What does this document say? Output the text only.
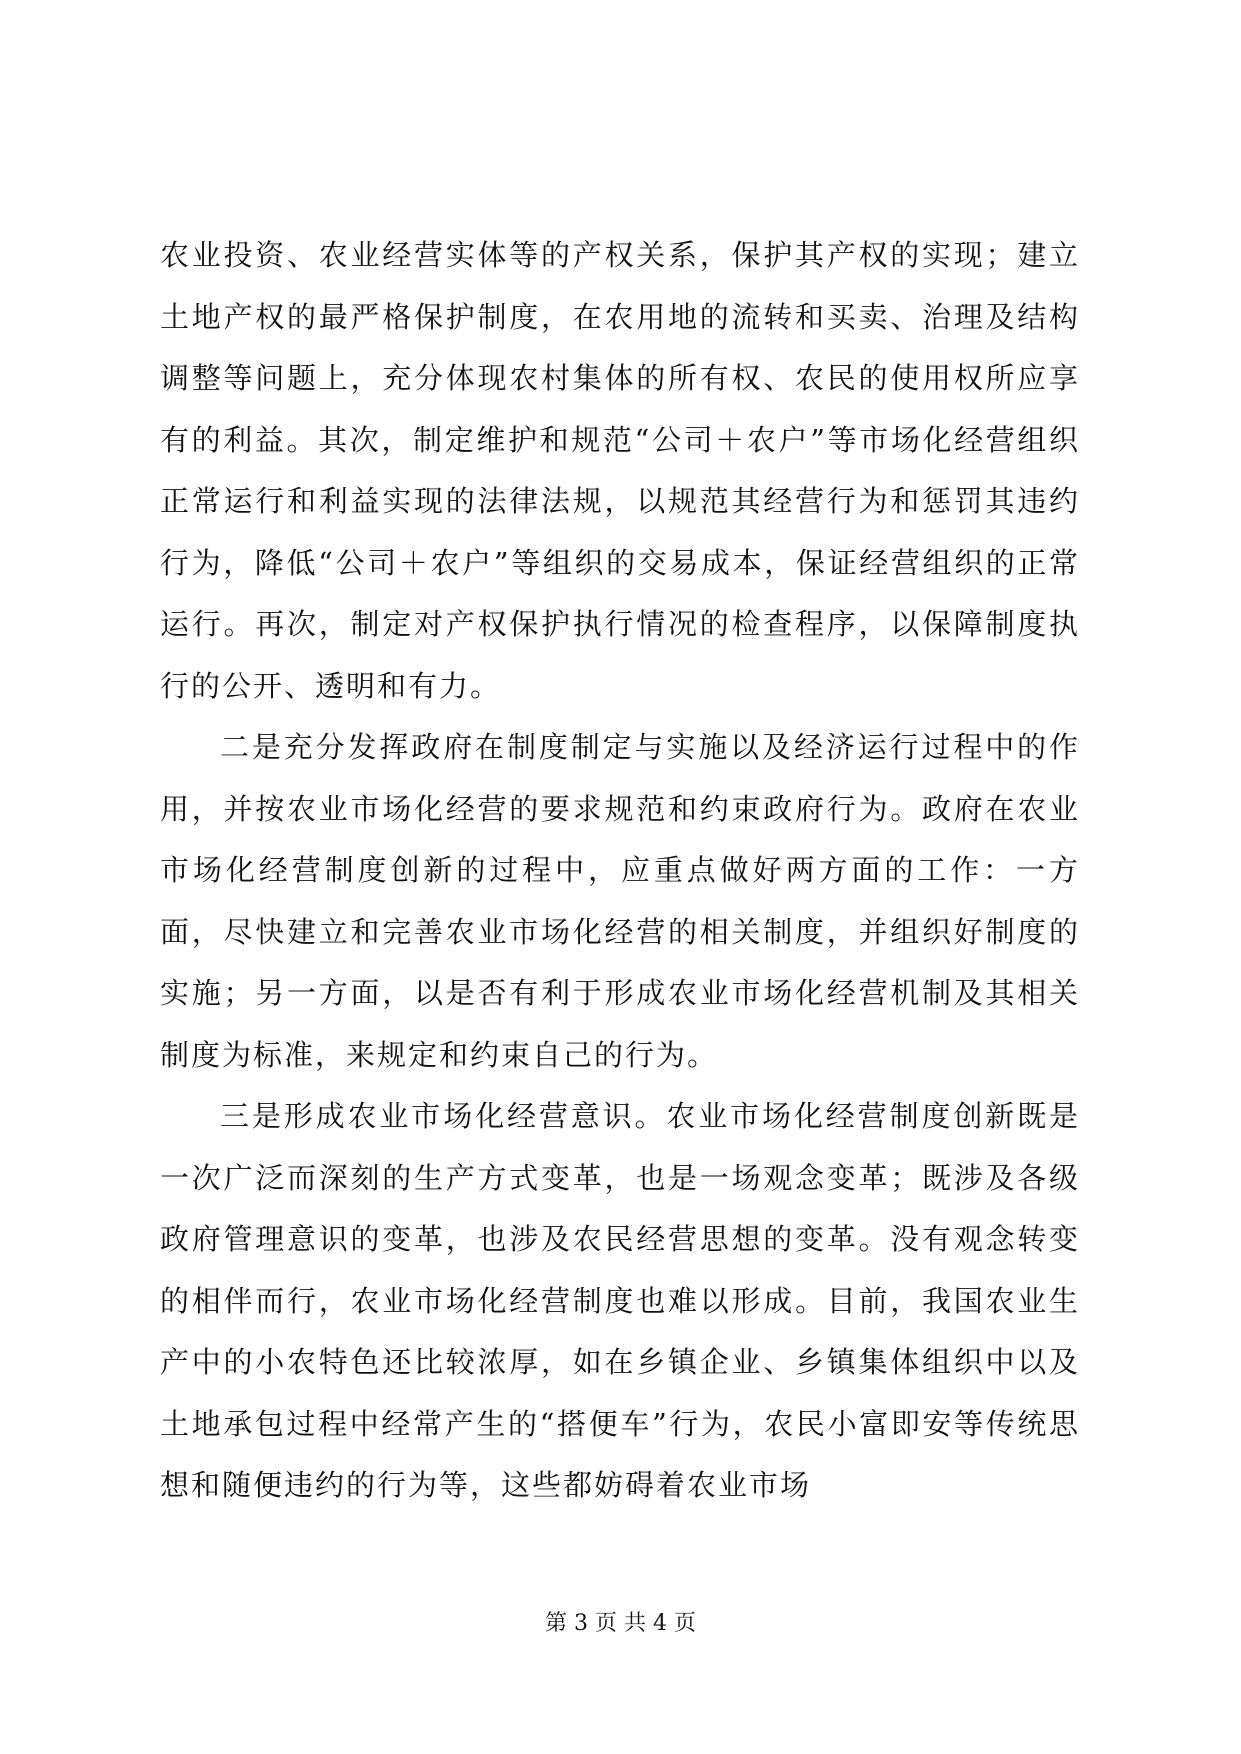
农业投资、农业经营实体等的产权关系，保护其产权的实现；建立土地产权的最严格保护制度，在农用地的流转和买卖、治理及结构调整等问题上，充分体现农村集体的所有权、农民的使用权所应享有的利益。其次，制定维护和规范“公司＋农户”等市场化经营组织正常运行和利益实现的法律法规，以规范其经营行为和惩罚其违约行为，降低“公司＋农户”等组织的交易成本，保证经营组织的正常运行。再次，制定对产权保护执行情况的检查程序，以保障制度执行的公开、透明和有力。

二是充分发挥政府在制度制定与实施以及经济运行过程中的作用，并按农业市场化经营的要求规范和约束政府行为。政府在农业市场化经营制度创新的过程中，应重点做好两方面的工作：一方面，尽快建立和完善农业市场化经营的相关制度，并组织好制度的实施；另一方面，以是否有利于形成农业市场化经营机制及其相关制度为标准，来规定和约束自己的行为。

三是形成农业市场化经营意识。农业市场化经营制度创新既是一次广泛而深刻的生产方式变革，也是一场观念变革；既涉及各级政府管理意识的变革，也涉及农民经营思想的变革。没有观念转变的相伴而行，农业市场化经营制度也难以形成。目前，我国农业生产中的小农特色还比较浓厚，如在乡镇企业、乡镇集体组织中以及土地承包过程中经常产生的“搭便车”行为，农民小富即安等传统思想和随便违约的行为等，这些都妨碍着农业市场

第 3 页 共 4 页
